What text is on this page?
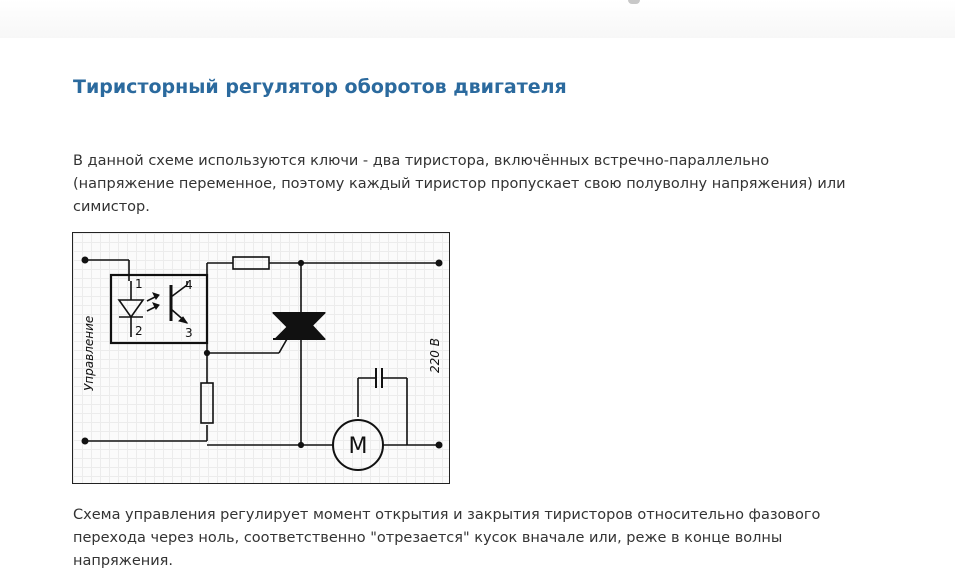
Тиристорный регулятор оборотов двигателя

В данной схеме используются ключи - два тиристора, включённых встречно-параллельно
(напряжение переменное, поэтому каждый тиристор пропускает свою полуволну напряжения) или
симистор.

1
2	3
4
Управление	220 В
M

Схема управления регулирует момент открытия и закрытия тиристоров относительно фазового
перехода через ноль, соответственно "отрезается" кусок вначале или, реже в конце волны
напряжения.
